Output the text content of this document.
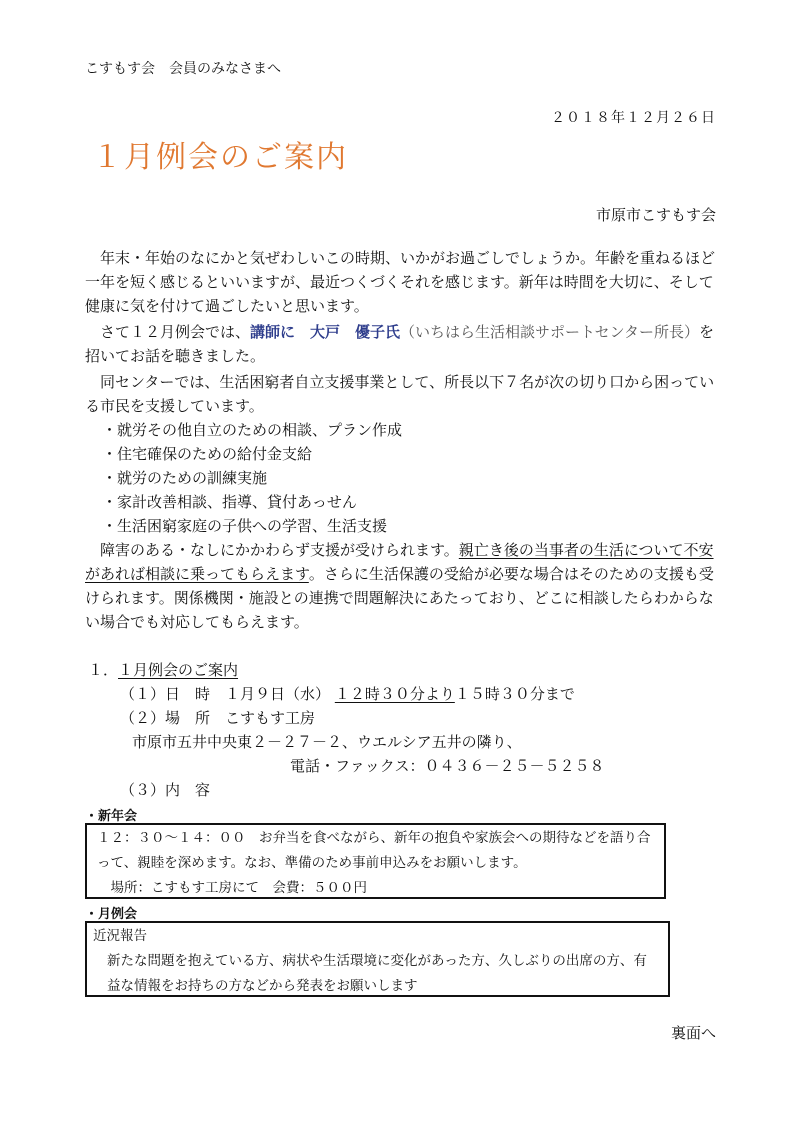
こすもす会　会員のみなさまへ
２０１８年１２月２６日
１月例会のご案内
市原市こすもす会
　年末・年始のなにかと気ぜわしいこの時期、いかがお過ごしでしょうか。年齢を重ねるほど一年を短く感じるといいますが、最近つくづくそれを感じます。新年は時間を大切に、そして健康に気を付けて過ごしたいと思います。
　さて１２月例会では、講師に　大戸　優子氏（いちはら生活相談サポートセンター所長）を招いてお話を聴きました。
　同センターでは、生活困窮者自立支援事業として、所長以下７名が次の切り口から困っている市民を支援しています。
・就労その他自立のための相談、プラン作成
・住宅確保のための給付金支給
・就労のための訓練実施
・家計改善相談、指導、貸付あっせん
・生活困窮家庭の子供への学習、生活支援
　障害のある・なしにかかわらず支援が受けられます。親亡き後の当事者の生活について不安があれば相談に乗ってもらえます。さらに生活保護の受給が必要な場合はそのための支援も受けられます。関係機関・施設との連携で問題解決にあたっており、どこに相談したらわからない場合でも対応してもらえます。
１．１月例会のご案内
（１）日　時　１月９日（水） １２時３０分より１５時３０分まで
（２）場　所　こすもす工房
市原市五井中央東２－２７－２、ウエルシア五井の隣り、
電話・ファックス：０４３６－２５－５２５８
（３）内　容
・新年会
１２：３０～１４：００　お弁当を食べながら、新年の抱負や家族会への期待などを語り合って、親睦を深めます。なお、準備のため事前申込みをお願いします。
　場所：こすもす工房にて　会費：５００円
・月例会
近況報告
新たな問題を抱えている方、病状や生活環境に変化があった方、久しぶりの出席の方、有益な情報をお持ちの方などから発表をお願いします
裏面へ
